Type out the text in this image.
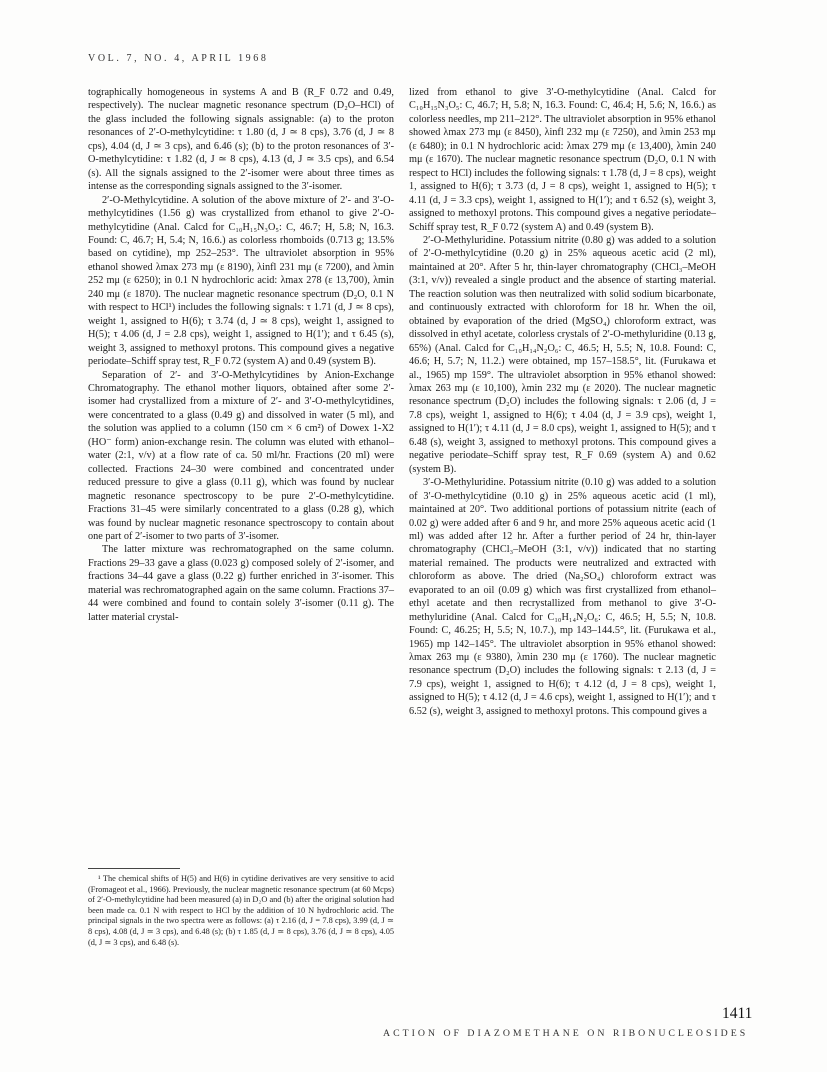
VOL. 7, NO. 4, APRIL 1968

tographically homogeneous in systems A and B (R_F 0.72 and 0.49, respectively). The nuclear magnetic resonance spectrum (D₂O–HCl) of the glass included the following signals assignable: (a) to the proton resonances of 2′-O-methylcytidine: τ 1.80 (d, J ≃ 8 cps), 3.76 (d, J ≃ 8 cps), 4.04 (d, J ≃ 3 cps), and 6.46 (s); (b) to the proton resonances of 3′-O-methylcytidine: τ 1.82 (d, J ≃ 8 cps), 4.13 (d, J ≃ 3.5 cps), and 6.54 (s). All the signals assigned to the 2′-isomer were about three times as intense as the corresponding signals assigned to the 3′-isomer.

2′-O-Methylcytidine. A solution of the above mixture of 2′- and 3′-O-methylcytidines (1.56 g) was crystallized from ethanol to give 2′-O-methylcytidine (Anal. Calcd for C₁₀H₁₅N₃O₅: C, 46.7; H, 5.8; N, 16.3. Found: C, 46.7; H, 5.4; N, 16.6.) as colorless rhomboids (0.713 g; 13.5% based on cytidine), mp 252–253°. The ultraviolet absorption in 95% ethanol showed λmax 273 mμ (ε 8190), λinfl 231 mμ (ε 7200), and λmin 252 mμ (ε 6250); in 0.1 N hydrochloric acid: λmax 278 (ε 13,700), λmin 240 mμ (ε 1870). The nuclear magnetic resonance spectrum (D₂O, 0.1 N with respect to HCl¹) includes the following signals: τ 1.71 (d, J ≃ 8 cps), weight 1, assigned to H(6); τ 3.74 (d, J ≃ 8 cps), weight 1, assigned to H(5); τ 4.06 (d, J = 2.8 cps), weight 1, assigned to H(1′); and τ 6.45 (s), weight 3, assigned to methoxyl protons. This compound gives a negative periodate–Schiff spray test, R_F 0.72 (system A) and 0.49 (system B).

Separation of 2′- and 3′-O-Methylcytidines by Anion-Exchange Chromatography. The ethanol mother liquors, obtained after some 2′-isomer had crystallized from a mixture of 2′- and 3′-O-methylcytidines, were concentrated to a glass (0.49 g) and dissolved in water (5 ml), and the solution was applied to a column (150 cm × 6 cm²) of Dowex 1-X2 (HO⁻ form) anion-exchange resin. The column was eluted with ethanol–water (2:1, v/v) at a flow rate of ca. 50 ml/hr. Fractions (20 ml) were collected. Fractions 24–30 were combined and concentrated under reduced pressure to give a glass (0.11 g), which was found by nuclear magnetic resonance spectroscopy to be pure 2′-O-methylcytidine. Fractions 31–45 were similarly concentrated to a glass (0.28 g), which was found by nuclear magnetic resonance spectroscopy to contain about one part of 2′-isomer to two parts of 3′-isomer.

The latter mixture was rechromatographed on the same column. Fractions 29–33 gave a glass (0.023 g) composed solely of 2′-isomer, and fractions 34–44 gave a glass (0.22 g) further enriched in 3′-isomer. This material was rechromatographed again on the same column. Fractions 37–44 were combined and found to contain solely 3′-isomer (0.11 g). The latter material crystal-

¹ The chemical shifts of H(5) and H(6) in cytidine derivatives are very sensitive to acid (Fromageot et al., 1966). Previously, the nuclear magnetic resonance spectrum (at 60 Mcps) of 2′-O-methylcytidine had been measured (a) in D₂O and (b) after the original solution had been made ca. 0.1 N with respect to HCl by the addition of 10 N hydrochloric acid. The principal signals in the two spectra were as follows: (a) τ 2.16 (d, J = 7.8 cps), 3.99 (d, J ≃ 8 cps), 4.08 (d, J ≃ 3 cps), and 6.48 (s); (b) τ 1.85 (d, J ≃ 8 cps), 3.76 (d, J ≃ 8 cps), 4.05 (d, J ≃ 3 cps), and 6.48 (s).

lized from ethanol to give 3′-O-methylcytidine (Anal. Calcd for C₁₀H₁₅N₃O₅: C, 46.7; H, 5.8; N, 16.3. Found: C, 46.4; H, 5.6; N, 16.6.) as colorless needles, mp 211–212°. The ultraviolet absorption in 95% ethanol showed λmax 273 mμ (ε 8450), λinfl 232 mμ (ε 7250), and λmin 253 mμ (ε 6480); in 0.1 N hydrochloric acid: λmax 279 mμ (ε 13,400), λmin 240 mμ (ε 1670). The nuclear magnetic resonance spectrum (D₂O, 0.1 N with respect to HCl) includes the following signals: τ 1.78 (d, J = 8 cps), weight 1, assigned to H(6); τ 3.73 (d, J = 8 cps), weight 1, assigned to H(5); τ 4.11 (d, J = 3.3 cps), weight 1, assigned to H(1′); and τ 6.52 (s), weight 3, assigned to methoxyl protons. This compound gives a negative periodate–Schiff spray test, R_F 0.72 (system A) and 0.49 (system B).

2′-O-Methyluridine. Potassium nitrite (0.80 g) was added to a solution of 2′-O-methylcytidine (0.20 g) in 25% aqueous acetic acid (2 ml), maintained at 20°. After 5 hr, thin-layer chromatography (CHCl₃–MeOH (3:1, v/v)) revealed a single product and the absence of starting material. The reaction solution was then neutralized with solid sodium bicarbonate, and continuously extracted with chloroform for 18 hr. When the oil, obtained by evaporation of the dried (MgSO₄) chloroform extract, was dissolved in ethyl acetate, colorless crystals of 2′-O-methyluridine (0.13 g, 65%) (Anal. Calcd for C₁₀H₁₄N₂O₆: C, 46.5; H, 5.5; N, 10.8. Found: C, 46.6; H, 5.7; N, 11.2.) were obtained, mp 157–158.5°, lit. (Furukawa et al., 1965) mp 159°. The ultraviolet absorption in 95% ethanol showed: λmax 263 mμ (ε 10,100), λmin 232 mμ (ε 2020). The nuclear magnetic resonance spectrum (D₂O) includes the following signals: τ 2.06 (d, J = 7.8 cps), weight 1, assigned to H(6); τ 4.04 (d, J = 3.9 cps), weight 1, assigned to H(1′); τ 4.11 (d, J = 8.0 cps), weight 1, assigned to H(5); and τ 6.48 (s), weight 3, assigned to methoxyl protons. This compound gives a negative periodate–Schiff spray test, R_F 0.69 (system A) and 0.62 (system B).

3′-O-Methyluridine. Potassium nitrite (0.10 g) was added to a solution of 3′-O-methylcytidine (0.10 g) in 25% aqueous acetic acid (1 ml), maintained at 20°. Two additional portions of potassium nitrite (each of 0.02 g) were added after 6 and 9 hr, and more 25% aqueous acetic acid (1 ml) was added after 12 hr. After a further period of 24 hr, thin-layer chromatography (CHCl₃–MeOH (3:1, v/v)) indicated that no starting material remained. The products were neutralized and extracted with chloroform as above. The dried (Na₂SO₄) chloroform extract was evaporated to an oil (0.09 g) which was first crystallized from ethanol–ethyl acetate and then recrystallized from methanol to give 3′-O-methyluridine (Anal. Calcd for C₁₀H₁₄N₂O₆: C, 46.5; H, 5.5; N, 10.8. Found: C, 46.25; H, 5.5; N, 10.7.), mp 143–144.5°, lit. (Furukawa et al., 1965) mp 142–145°. The ultraviolet absorption in 95% ethanol showed: λmax 263 mμ (ε 9380), λmin 230 mμ (ε 1760). The nuclear magnetic resonance spectrum (D₂O) includes the following signals: τ 2.13 (d, J = 7.9 cps), weight 1, assigned to H(6); τ 4.12 (d, J = 8 cps), weight 1, assigned to H(5); τ 4.12 (d, J = 4.6 cps), weight 1, assigned to H(1′); and τ 6.52 (s), weight 3, assigned to methoxyl protons. This compound gives a

1411
ACTION OF DIAZOMETHANE ON RIBONUCLEOSIDES
